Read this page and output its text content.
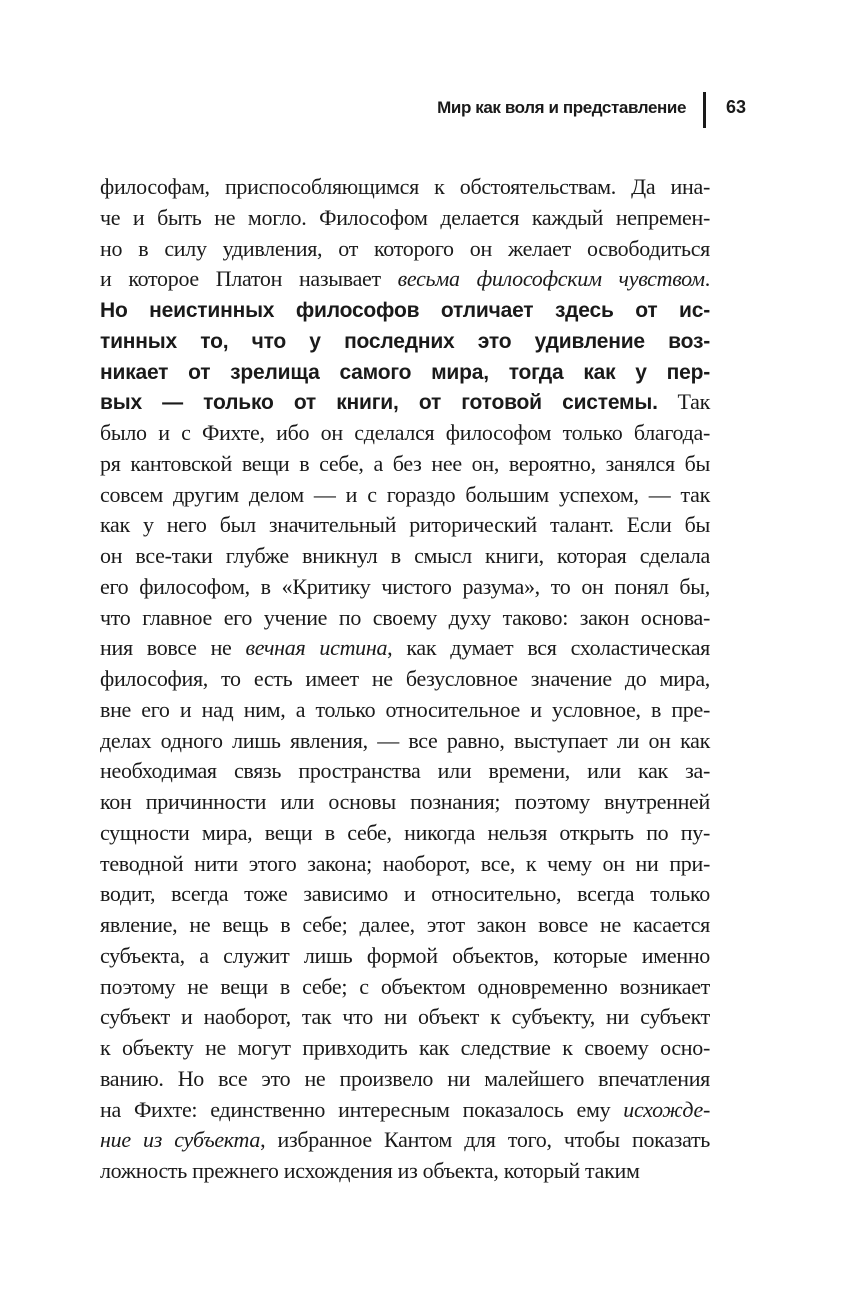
Мир как воля и представление 63
философам, приспособляющимся к обстоятельствам. Да ина-
че и быть не могло. Философом делается каждый непремен-
но в силу удивления, от которого он желает освободиться
и которое Платон называет весьма философским чувством.
Но неистинных философов отличает здесь от ис-
тинных то, что у последних это удивление воз-
никает от зрелища самого мира, тогда как у пер-
вых — только от книги, от готовой системы. Так
было и с Фихте, ибо он сделался философом только благода-
ря кантовской вещи в себе, а без нее он, вероятно, занялся бы
совсем другим делом — и с гораздо большим успехом, — так
как у него был значительный риторический талант. Если бы
он все-таки глубже вникнул в смысл книги, которая сделала
его философом, в «Критику чистого разума», то он понял бы,
что главное его учение по своему духу таково: закон основа-
ния вовсе не вечная истина, как думает вся схоластическая
философия, то есть имеет не безусловное значение до мира,
вне его и над ним, а только относительное и условное, в пре-
делах одного лишь явления, — все равно, выступает ли он как
необходимая связь пространства или времени, или как за-
кон причинности или основы познания; поэтому внутренней
сущности мира, вещи в себе, никогда нельзя открыть по пу-
теводной нити этого закона; наоборот, все, к чему он ни при-
водит, всегда тоже зависимо и относительно, всегда только
явление, не вещь в себе; далее, этот закон вовсе не касается
субъекта, а служит лишь формой объектов, которые именно
поэтому не вещи в себе; с объектом одновременно возникает
субъект и наоборот, так что ни объект к субъекту, ни субъект
к объекту не могут привходить как следствие к своему осно-
ванию. Но все это не произвело ни малейшего впечатления
на Фихте: единственно интересным показалось ему исхожде-
ние из субъекта, избранное Кантом для того, чтобы показать
ложность прежнего исхождения из объекта, который таким
